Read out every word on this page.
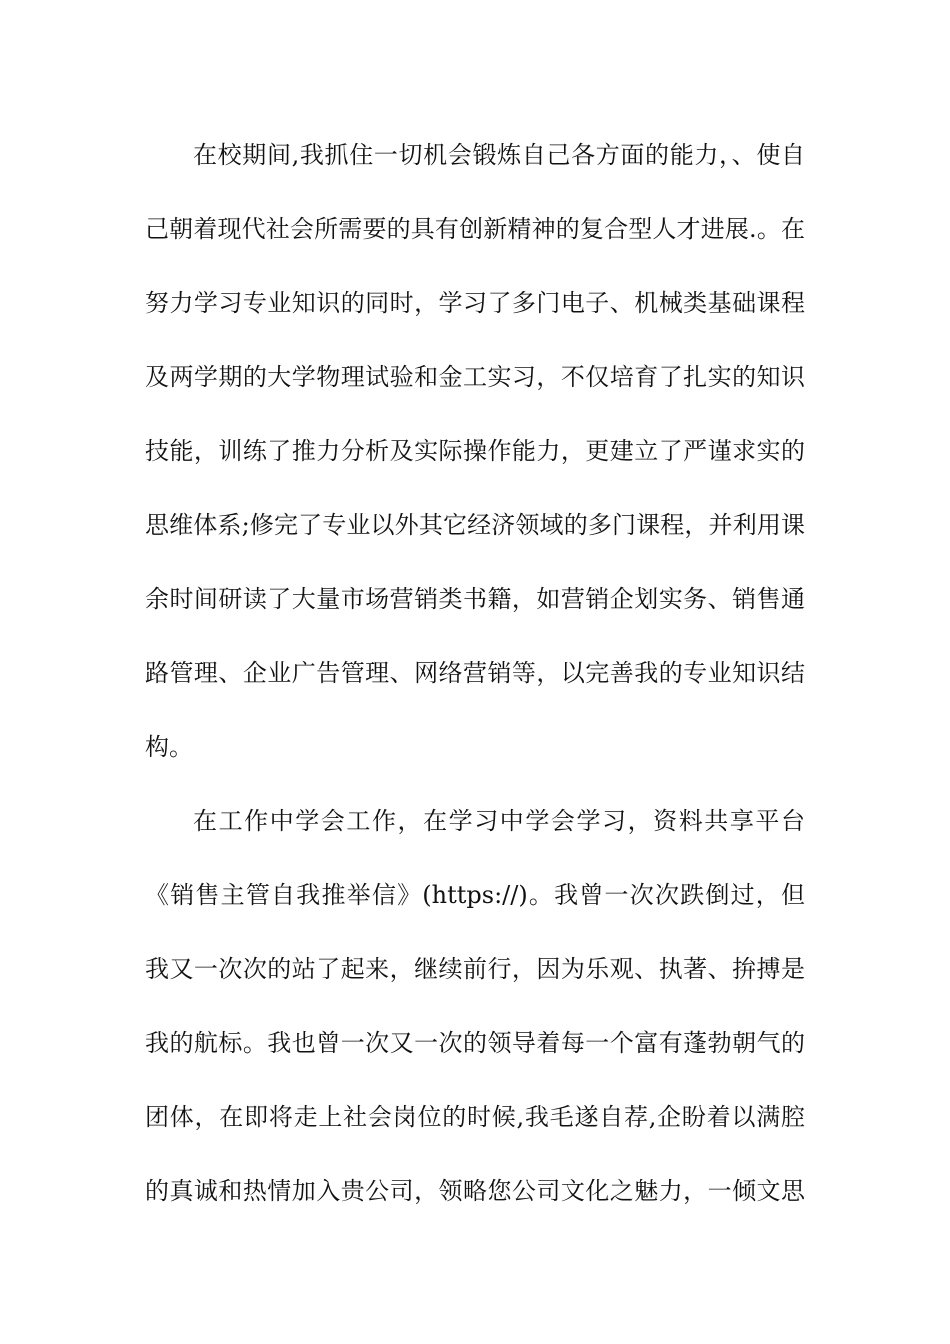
在校期间,我抓住一切机会锻炼自己各方面的能力，、使自
己朝着现代社会所需要的具有创新精神的复合型人才进展.。在
努力学习专业知识的同时，学习了多门电子、机械类基础课程
及两学期的大学物理试验和金工实习，不仅培育了扎实的知识
技能，训练了推力分析及实际操作能力，更建立了严谨求实的
思维体系;修完了专业以外其它经济领域的多门课程，并利用课
余时间研读了大量市场营销类书籍，如营销企划实务、销售通
路管理、企业广告管理、网络营销等，以完善我的专业知识结
构。
在工作中学会工作，在学习中学会学习，资料共享平台
《销售主管自我推举信》(https://)。我曾一次次跌倒过，但
我又一次次的站了起来，继续前行，因为乐观、执著、拚搏是
我的航标。我也曾一次又一次的领导着每一个富有蓬勃朝气的
团体，在即将走上社会岗位的时候,我毛遂自荐,企盼着以满腔
的真诚和热情加入贵公司，领略您公司文化之魅力，一倾文思
